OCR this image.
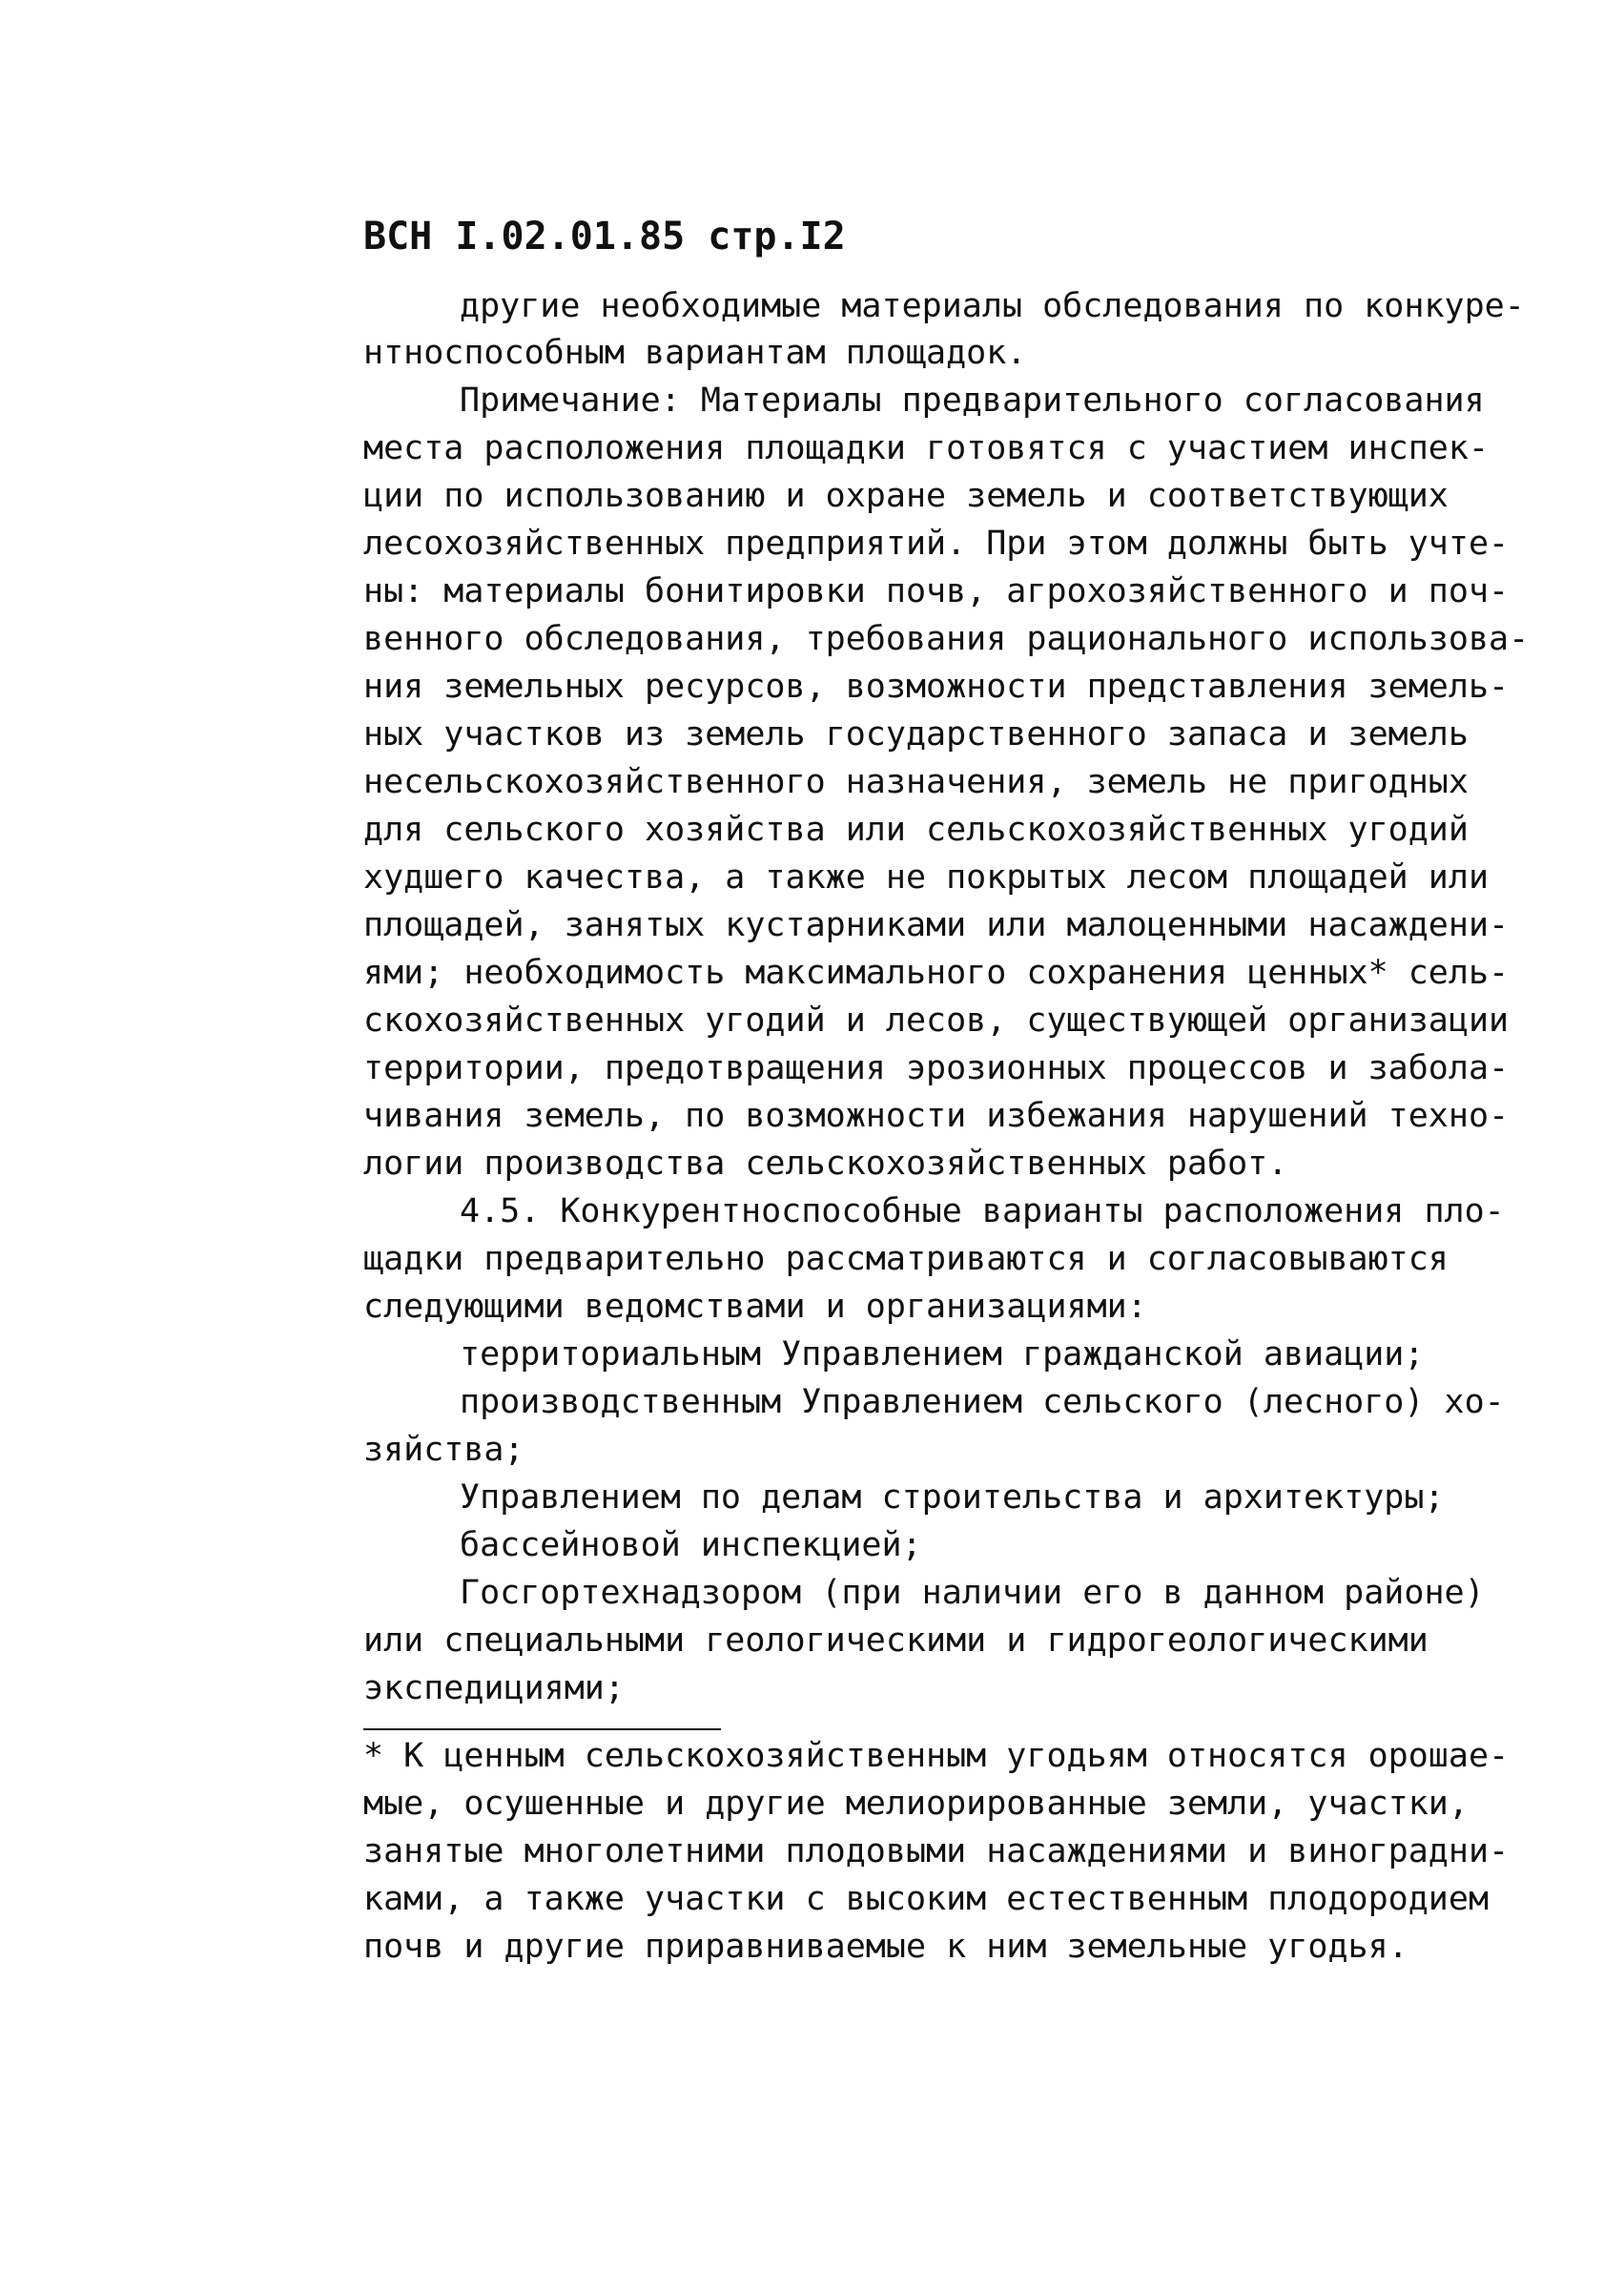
ВСН I.02.01.85 стр.I2
другие необходимые материалы обследования по конкуре-
нтноспособным вариантам площадок.
Примечание: Материалы предварительного согласования
места расположения площадки готовятся с участием инспек-
ции по использованию и охране земель и соответствующих
лесохозяйственных предприятий. При этом должны быть учте-
ны: материалы бонитировки почв, агрохозяйственного и поч-
венного обследования, требования рационального использова-
ния земельных ресурсов, возможности представления земель-
ных участков из земель государственного запаса и земель
несельскохозяйственного назначения, земель не пригодных
для сельского хозяйства или сельскохозяйственных угодий
худшего качества, а также не покрытых лесом площадей или
площадей, занятых кустарниками или малоценными насаждени-
ями; необходимость максимального сохранения ценных* сель-
скохозяйственных угодий и лесов, существующей организации
территории, предотвращения эрозионных процессов и забола-
чивания земель, по возможности избежания нарушений техно-
логии производства сельскохозяйственных работ.
4.5. Конкурентноспособные варианты расположения пло-
щадки предварительно рассматриваются и согласовываются
следующими ведомствами и организациями:
территориальным Управлением гражданской авиации;
производственным Управлением сельского (лесного) хо-
зяйства;
Управлением по делам строительства и архитектуры;
бассейновой инспекцией;
Госгортехнадзором (при наличии его в данном районе)
или специальными геологическими и гидрогеологическими
экспедициями;
* К ценным сельскохозяйственным угодьям относятся орошае-
мые, осушенные и другие мелиорированные земли, участки,
занятые многолетними плодовыми насаждениями и виноградни-
ками, а также участки с высоким естественным плодородием
почв и другие приравниваемые к ним земельные угодья.
